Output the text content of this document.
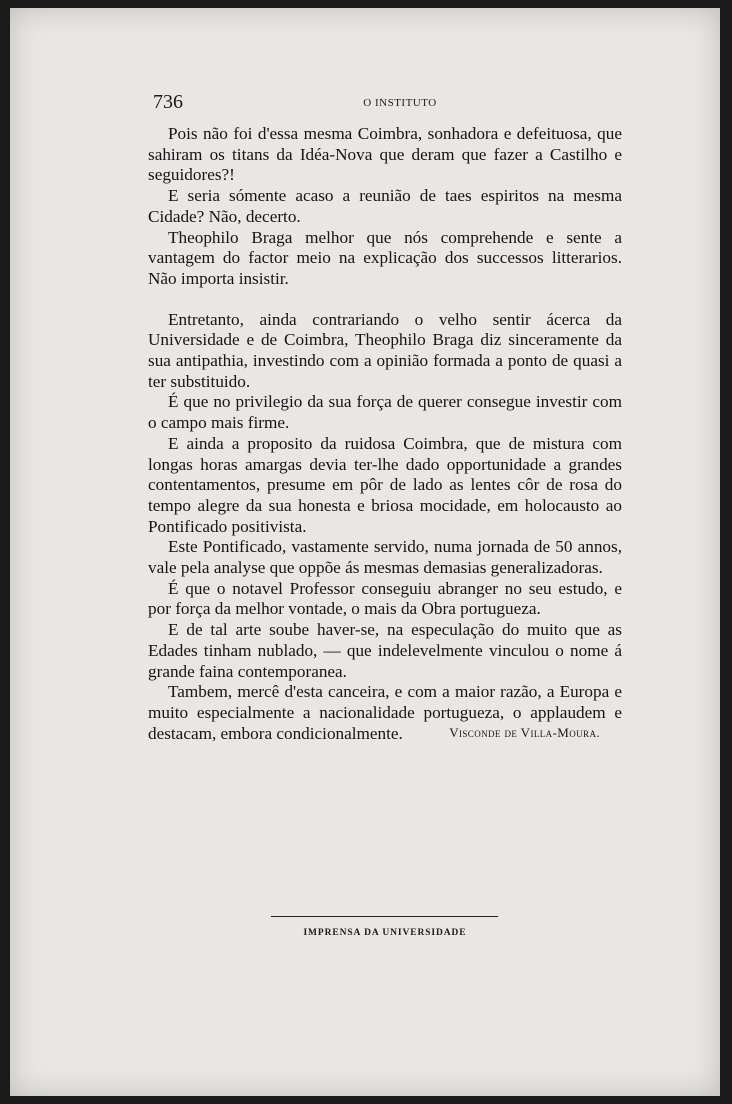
736	O INSTITUTO

Pois não foi d'essa mesma Coimbra, sonhadora e defeituosa, que sahiram os titans da Idéa-Nova que deram que fazer a Castilho e seguidores?!

E seria sómente acaso a reunião de taes espiritos na mesma Cidade? Não, decerto.

Theophilo Braga melhor que nós comprehende e sente a vantagem do factor meio na explicação dos successos litterarios. Não importa insistir.

Entretanto, ainda contrariando o velho sentir ácerca da Universidade e de Coimbra, Theophilo Braga diz sinceramente da sua antipathia, investindo com a opinião formada a ponto de quasi a ter substituido.

É que no privilegio da sua força de querer consegue investir com o campo mais firme.

E ainda a proposito da ruidosa Coimbra, que de mistura com longas horas amargas devia ter-lhe dado opportunidade a grandes contentamentos, presume em pôr de lado as lentes côr de rosa do tempo alegre da sua honesta e briosa mocidade, em holocausto ao Pontificado positivista.

Este Pontificado, vastamente servido, numa jornada de 50 annos, vale pela analyse que oppõe ás mesmas demasias generalizadoras.

É que o notavel Professor conseguiu abranger no seu estudo, e por força da melhor vontade, o mais da Obra portugueza.

E de tal arte soube haver-se, na especulação do muito que as Edades tinham nublado, — que indelevelmente vinculou o nome á grande faina contemporanea.

Tambem, mercê d'esta canceira, e com a maior razão, a Europa e muito especialmente a nacionalidade portugueza, o applaudem e destacam, embora condicionalmente.	Visconde de Villa-Moura.
IMPRENSA DA UNIVERSIDADE
